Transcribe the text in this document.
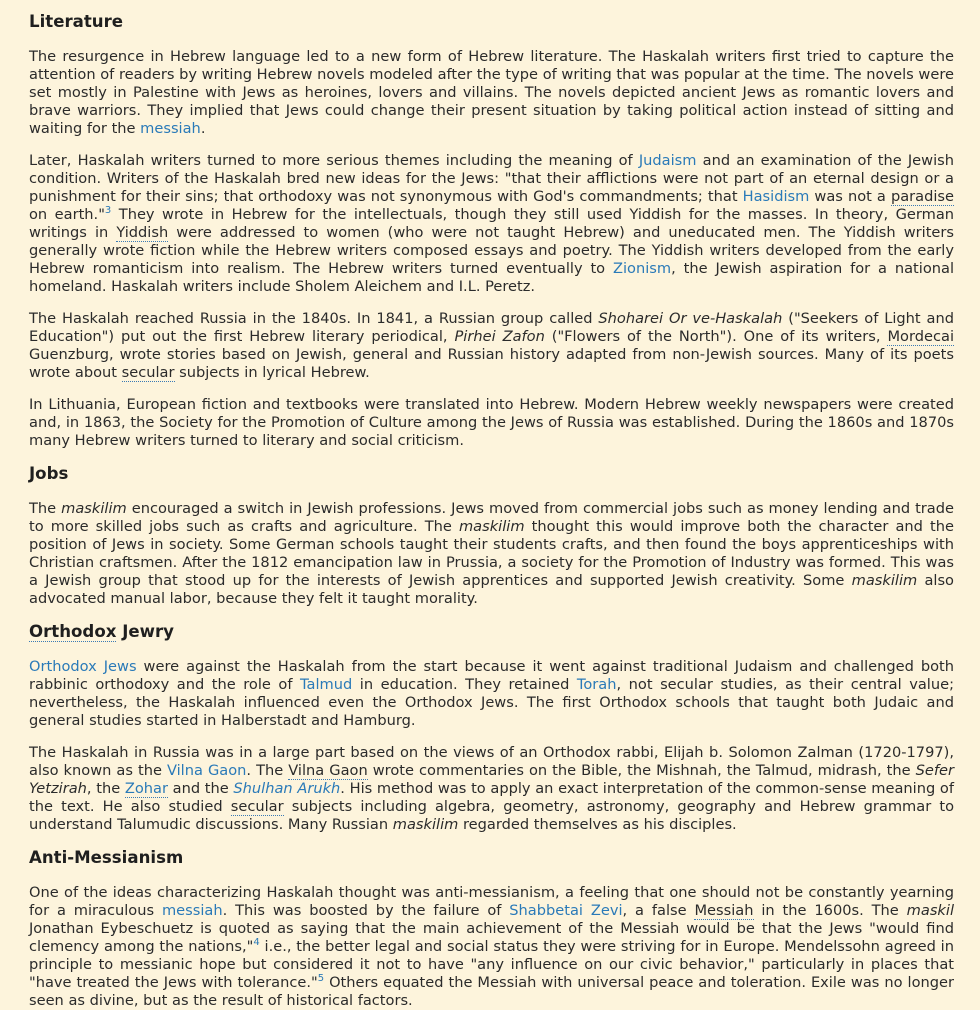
Literature

The resurgence in Hebrew language led to a new form of Hebrew literature. The Haskalah writers first tried to capture the attention of readers by writing Hebrew novels modeled after the type of writing that was popular at the time. The novels were set mostly in Palestine with Jews as heroines, lovers and villains. The novels depicted ancient Jews as romantic lovers and brave warriors. They implied that Jews could change their present situation by taking political action instead of sitting and waiting for the messiah.

Later, Haskalah writers turned to more serious themes including the meaning of Judaism and an examination of the Jewish condition. Writers of the Haskalah bred new ideas for the Jews: "that their afflictions were not part of an eternal design or a punishment for their sins; that orthodoxy was not synonymous with God's commandments; that Hasidism was not a paradise on earth."$^3$ They wrote in Hebrew for the intellectuals, though they still used Yiddish for the masses. In theory, German writings in Yiddish were addressed to women (who were not taught Hebrew) and uneducated men. The Yiddish writers generally wrote fiction while the Hebrew writers composed essays and poetry. The Yiddish writers developed from the early Hebrew romanticism into realism. The Hebrew writers turned eventually to Zionism, the Jewish aspiration for a national homeland. Haskalah writers include Sholem Aleichem and I.L. Peretz.

The Haskalah reached Russia in the 1840s. In 1841, a Russian group called Shoharei Or ve-Haskalah ("Seekers of Light and Education") put out the first Hebrew literary periodical, Pirhei Zafon ("Flowers of the North"). One of its writers, Mordecai Guenzburg, wrote stories based on Jewish, general and Russian history adapted from non-Jewish sources. Many of its poets wrote about secular subjects in lyrical Hebrew.

In Lithuania, European fiction and textbooks were translated into Hebrew. Modern Hebrew weekly newspapers were created and, in 1863, the Society for the Promotion of Culture among the Jews of Russia was established. During the 1860s and 1870s many Hebrew writers turned to literary and social criticism.

Jobs

The maskilim encouraged a switch in Jewish professions. Jews moved from commercial jobs such as money lending and trade to more skilled jobs such as crafts and agriculture. The maskilim thought this would improve both the character and the position of Jews in society. Some German schools taught their students crafts, and then found the boys apprenticeships with Christian craftsmen. After the 1812 emancipation law in Prussia, a society for the Promotion of Industry was formed. This was a Jewish group that stood up for the interests of Jewish apprentices and supported Jewish creativity. Some maskilim also advocated manual labor, because they felt it taught morality.

Orthodox Jewry

Orthodox Jews were against the Haskalah from the start because it went against traditional Judaism and challenged both rabbinic orthodoxy and the role of Talmud in education. They retained Torah, not secular studies, as their central value; nevertheless, the Haskalah influenced even the Orthodox Jews. The first Orthodox schools that taught both Judaic and general studies started in Halberstadt and Hamburg.

The Haskalah in Russia was in a large part based on the views of an Orthodox rabbi, Elijah b. Solomon Zalman (1720-1797), also known as the Vilna Gaon. The Vilna Gaon wrote commentaries on the Bible, the Mishnah, the Talmud, midrash, the Sefer Yetzirah, the Zohar and the Shulhan Arukh. His method was to apply an exact interpretation of the common-sense meaning of the text. He also studied secular subjects including algebra, geometry, astronomy, geography and Hebrew grammar to understand Talumudic discussions. Many Russian maskilim regarded themselves as his disciples.

Anti-Messianism

One of the ideas characterizing Haskalah thought was anti-messianism, a feeling that one should not be constantly yearning for a miraculous messiah. This was boosted by the failure of Shabbetai Zevi, a false Messiah in the 1600s. The maskil Jonathan Eybeschuetz is quoted as saying that the main achievement of the Messiah would be that the Jews "would find clemency among the nations,"$^4$ i.e., the better legal and social status they were striving for in Europe. Mendelssohn agreed in principle to messianic hope but considered it not to have "any influence on our civic behavior," particularly in places that "have treated the Jews with tolerance."$^5$ Others equated the Messiah with universal peace and toleration. Exile was no longer seen as divine, but as the result of historical factors.
